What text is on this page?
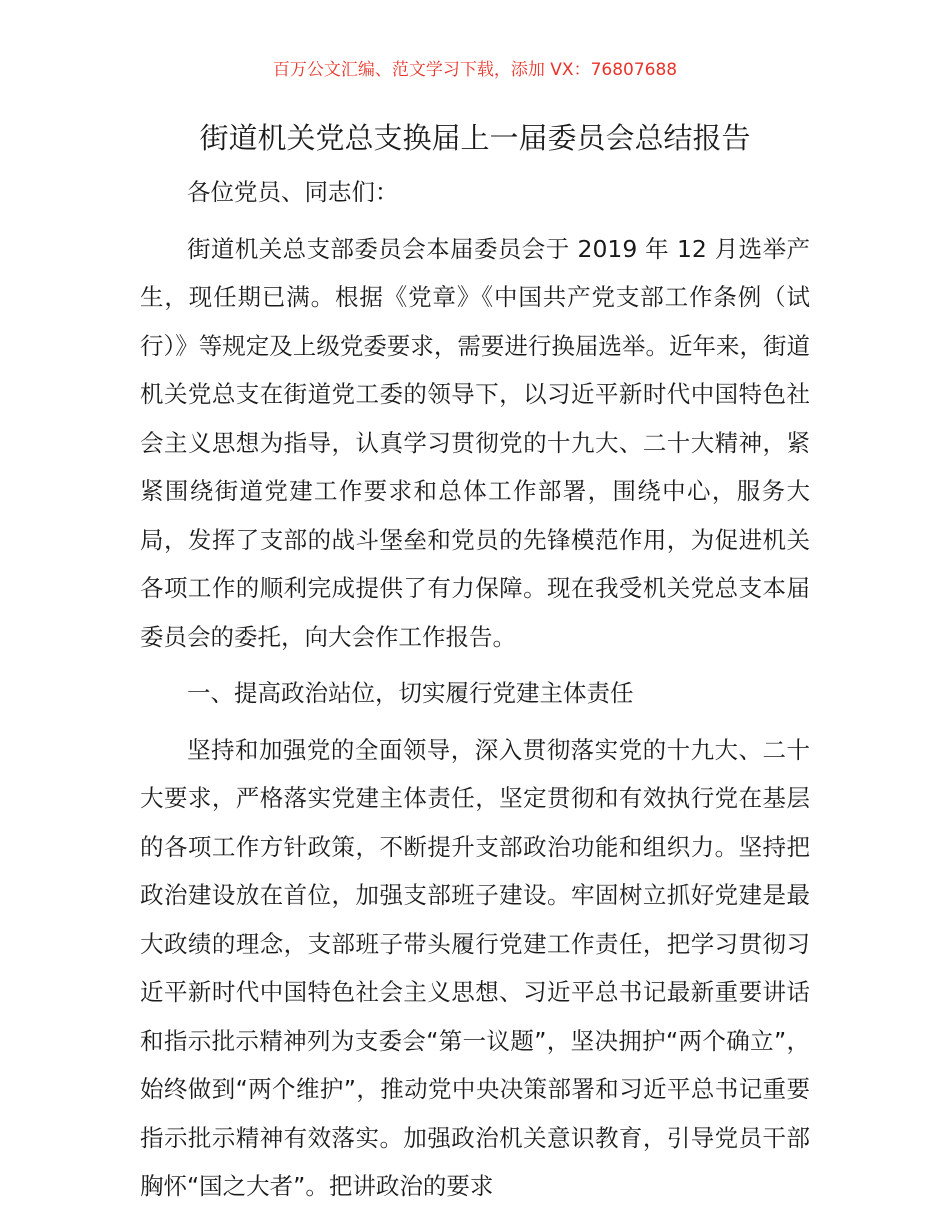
百万公文汇编、范文学习下载，添加 VX：76807688
街道机关党总支换届上一届委员会总结报告

各位党员、同志们：

街道机关总支部委员会本届委员会于 2019 年 12 月选举产生，现任期已满。根据《党章》《中国共产党支部工作条例（试行）》等规定及上级党委要求，需要进行换届选举。近年来，街道机关党总支在街道党工委的领导下，以习近平新时代中国特色社会主义思想为指导，认真学习贯彻党的十九大、二十大精神，紧紧围绕街道党建工作要求和总体工作部署，围绕中心，服务大局，发挥了支部的战斗堡垒和党员的先锋模范作用，为促进机关各项工作的顺利完成提供了有力保障。现在我受机关党总支本届委员会的委托，向大会作工作报告。

一、提高政治站位，切实履行党建主体责任

坚持和加强党的全面领导，深入贯彻落实党的十九大、二十大要求，严格落实党建主体责任，坚定贯彻和有效执行党在基层的各项工作方针政策，不断提升支部政治功能和组织力。坚持把政治建设放在首位，加强支部班子建设。牢固树立抓好党建是最大政绩的理念，支部班子带头履行党建工作责任，把学习贯彻习近平新时代中国特色社会主义思想、习近平总书记最新重要讲话和指示批示精神列为支委会“第一议题”，坚决拥护“两个确立”，始终做到“两个维护”，推动党中央决策部署和习近平总书记重要指示批示精神有效落实。加强政治机关意识教育，引导党员干部胸怀“国之大者”。把讲政治的要求
